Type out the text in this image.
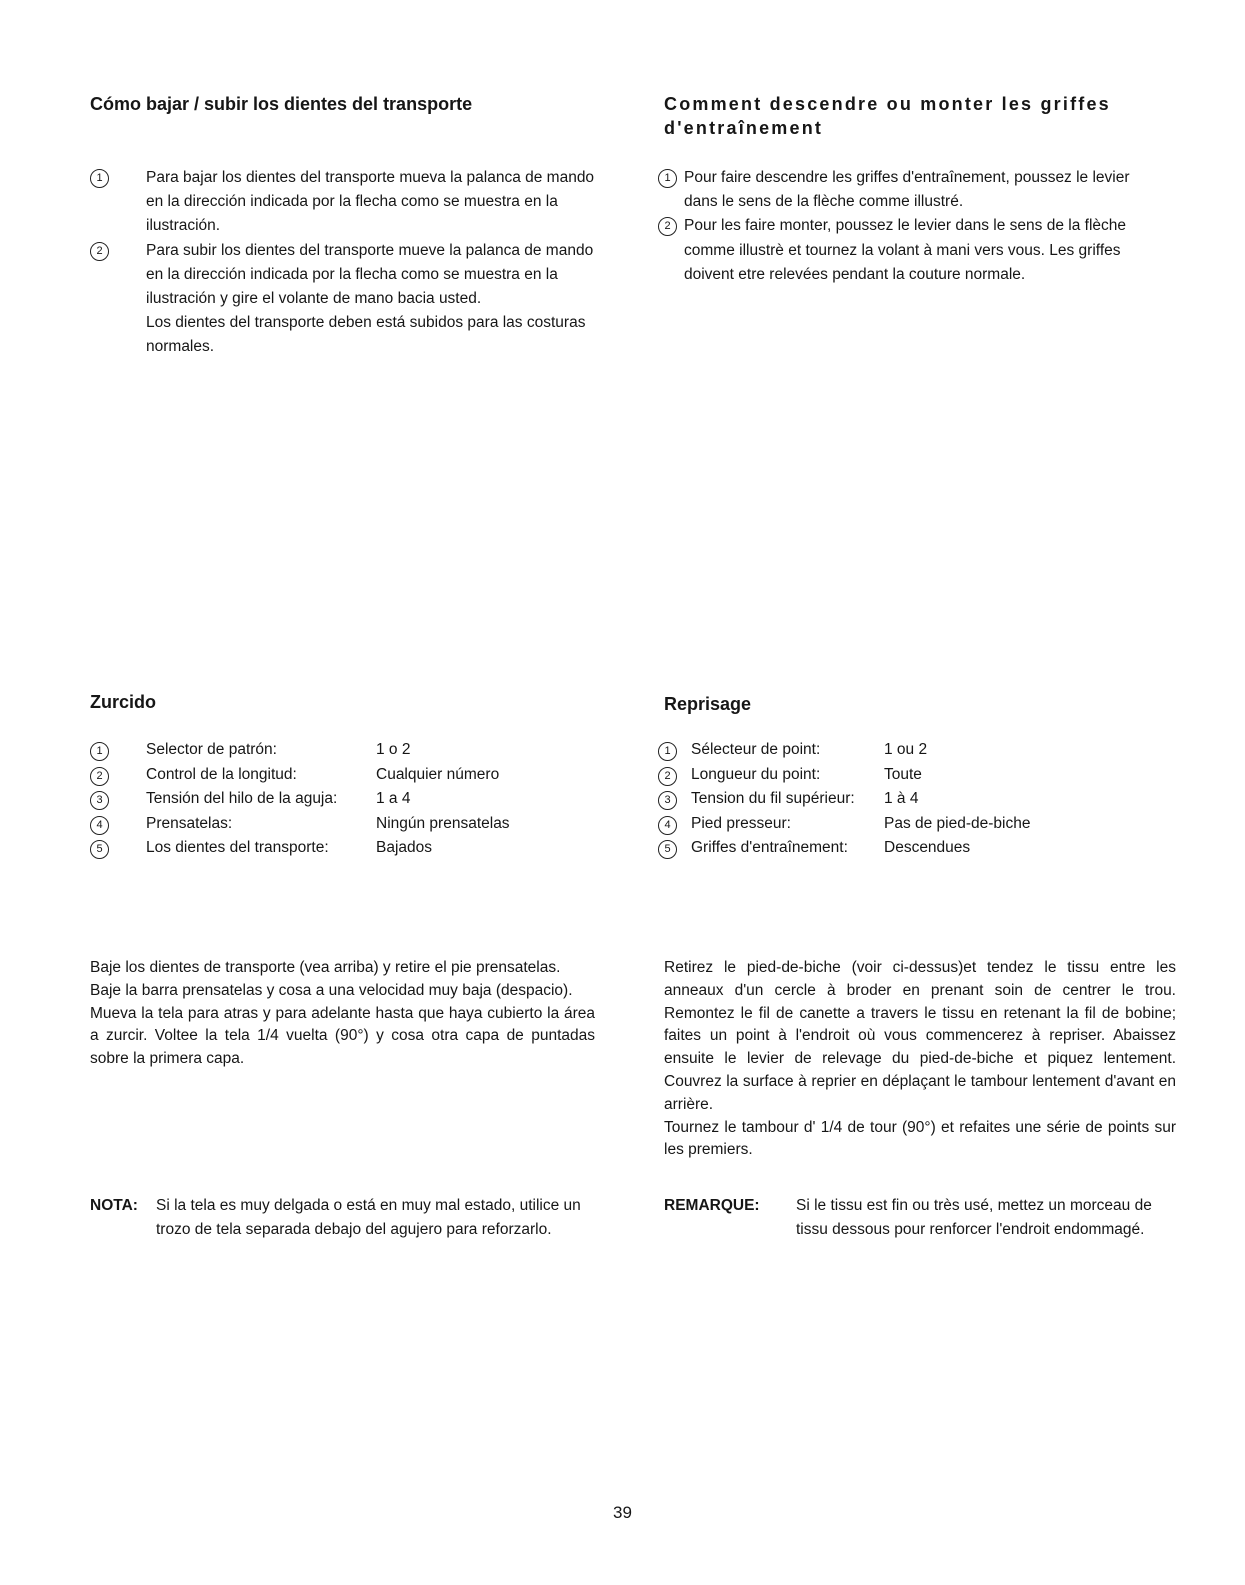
Cómo bajar / subir los dientes del transporte
1	Para bajar los dientes del transporte mueva la palanca de mando en la dirección indicada por la flecha como se muestra en la ilustración.
2	Para subir los dientes del transporte mueve la palanca de mando en la dirección indicada por la flecha como se muestra en la ilustración y gire el volante de mano bacia usted.
Los dientes del transporte deben está subidos para las costuras normales.
Zurcido
1	Selector de patrón:	1 o 2
2	Control de la longitud:	Cualquier número
3	Tensión del hilo de la aguja: 1 a 4
4	Prensatelas:	Ningún prensatelas
5	Los dientes del transporte:	Bajados
Baje los dientes de transporte (vea arriba) y retire el pie prensatelas.
Baje la barra prensatelas y cosa a una velocidad muy baja (despacio).
Mueva la tela para atras y para adelante hasta que haya cubierto la área a zurcir. Voltee la tela 1/4 vuelta (90°) y cosa otra capa de puntadas sobre la primera capa.
NOTA: Si la tela es muy delgada o está en muy mal estado, utilice un trozo de tela separada debajo del agujero para reforzarlo.
Comment descendre ou monter les griffes d'entraînement
1 Pour faire descendre les griffes d'entraînement, poussez le levier dans le sens de la flèche comme illustré.
2 Pour les faire monter, poussez le levier dans le sens de la flèche comme illustrè et tournez la volant à mani vers vous. Les griffes doivent etre relevées pendant la couture normale.
Reprisage
1	Sélecteur de point:	1 ou 2
2	Longueur du point:	Toute
3	Tension du fil supérieur: 1 à 4
4	Pied presseur:	Pas de pied-de-biche
5	Griffes d'entraînement: Descendues
Retirez le pied-de-biche (voir ci-dessus)et tendez le tissu entre les anneaux d'un cercle à broder en prenant soin de centrer le trou. Remontez le fil de canette a travers le tissu en retenant la fil de bobine; faites un point à l'endroit où vous commencerez à repriser. Abaissez ensuite le levier de relevage du pied-de-biche et piquez lentement. Couvrez la surface à reprier en déplaçant le tambour lentement d'avant en arrière.
Tournez le tambour d' 1/4 de tour (90°) et refaites une série de points sur les premiers.
REMARQUE: Si le tissu est fin ou très usé, mettez un morceau de tissu dessous pour renforcer l'endroit endommagé.
39
